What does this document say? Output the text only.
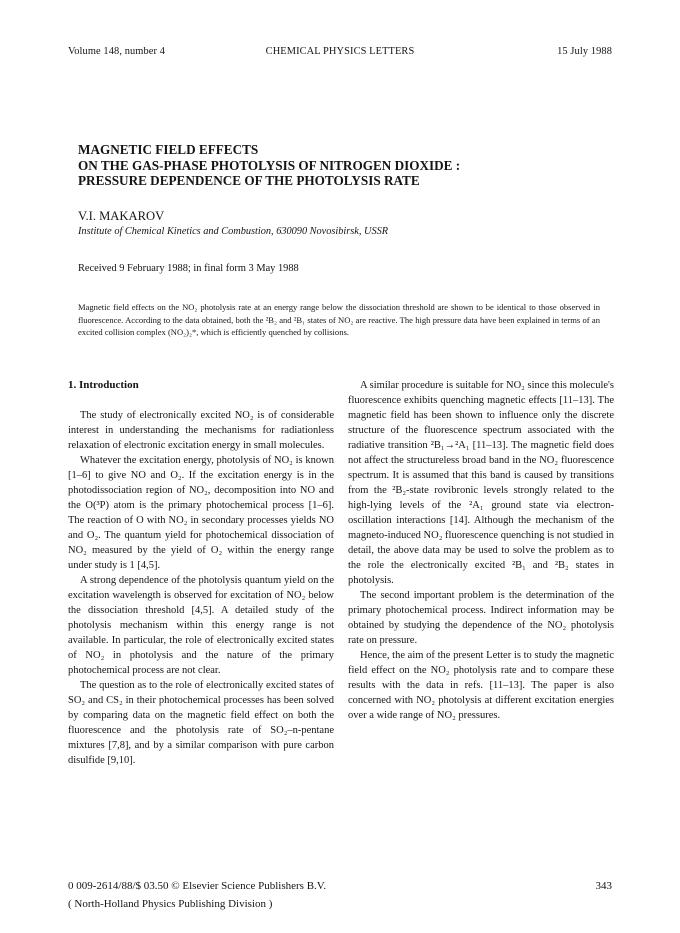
Volume 148, number 4	CHEMICAL PHYSICS LETTERS	15 July 1988
MAGNETIC FIELD EFFECTS
ON THE GAS-PHASE PHOTOLYSIS OF NITROGEN DIOXIDE :
PRESSURE DEPENDENCE OF THE PHOTOLYSIS RATE
V.I. MAKAROV
Institute of Chemical Kinetics and Combustion, 630090 Novosibirsk, USSR
Received 9 February 1988; in final form 3 May 1988
Magnetic field effects on the NO₂ photolysis rate at an energy range below the dissociation threshold are shown to be identical to those observed in fluorescence. According to the data obtained, both the ²B₂ and ²B₁ states of NO₂ are reactive. The high pressure data have been explained in terms of an excited collision complex (NO₂)₂*, which is efficiently quenched by collisions.
1. Introduction

The study of electronically excited NO₂ is of considerable interest in understanding the mechanisms for radiationless relaxation of electronic excitation energy in small molecules.

Whatever the excitation energy, photolysis of NO₂ is known [1–6] to give NO and O₂. If the excitation energy is in the photodissociation region of NO₂, decomposition into NO and the O(³P) atom is the primary photochemical process [1–6]. The reaction of O with NO₂ in secondary processes yields NO and O₂. The quantum yield for photochemical dissociation of NO₂ measured by the yield of O₂ within the energy range under study is 1 [4,5].

A strong dependence of the photolysis quantum yield on the excitation wavelength is observed for excitation of NO₂ below the dissociation threshold [4,5]. A detailed study of the photolysis mechanism within this energy range is not available. In particular, the role of electronically excited states of NO₂ in photolysis and the nature of the primary photochemical process are not clear.

The question as to the role of electronically excited states of SO₂ and CS₂ in their photochemical processes has been solved by comparing data on the magnetic field effect on both the fluorescence and the photolysis rate of SO₂–n-pentane mixtures [7,8], and by a similar comparison with pure carbon disulfide [9,10].

A similar procedure is suitable for NO₂ since this molecule's fluorescence exhibits quenching magnetic effects [11–13]. The magnetic field has been shown to influence only the discrete structure of the fluorescence spectrum associated with the radiative transition ²B₁→²A₁ [11–13]. The magnetic field does not affect the structureless broad band in the NO₂ fluorescence spectrum. It is assumed that this band is caused by transitions from the ²B₂-state rovibronic levels strongly related to the high-lying levels of the ²A₁ ground state via electron-oscillation interactions [14]. Although the mechanism of the magneto-induced NO₂ fluorescence quenching is not studied in detail, the above data may be used to solve the problem as to the role the electronically excited ²B₁ and ²B₂ states in photolysis.

The second important problem is the determination of the primary photochemical process. Indirect information may be obtained by studying the dependence of the NO₂ photolysis rate on pressure.

Hence, the aim of the present Letter is to study the magnetic field effect on the NO₂ photolysis rate and to compare these results with the data in refs. [11–13]. The paper is also concerned with NO₂ photolysis at different excitation energies over a wide range of NO₂ pressures.

0 009-2614/88/$ 03.50 © Elsevier Science Publishers B.V.
( North-Holland Physics Publishing Division )
343
